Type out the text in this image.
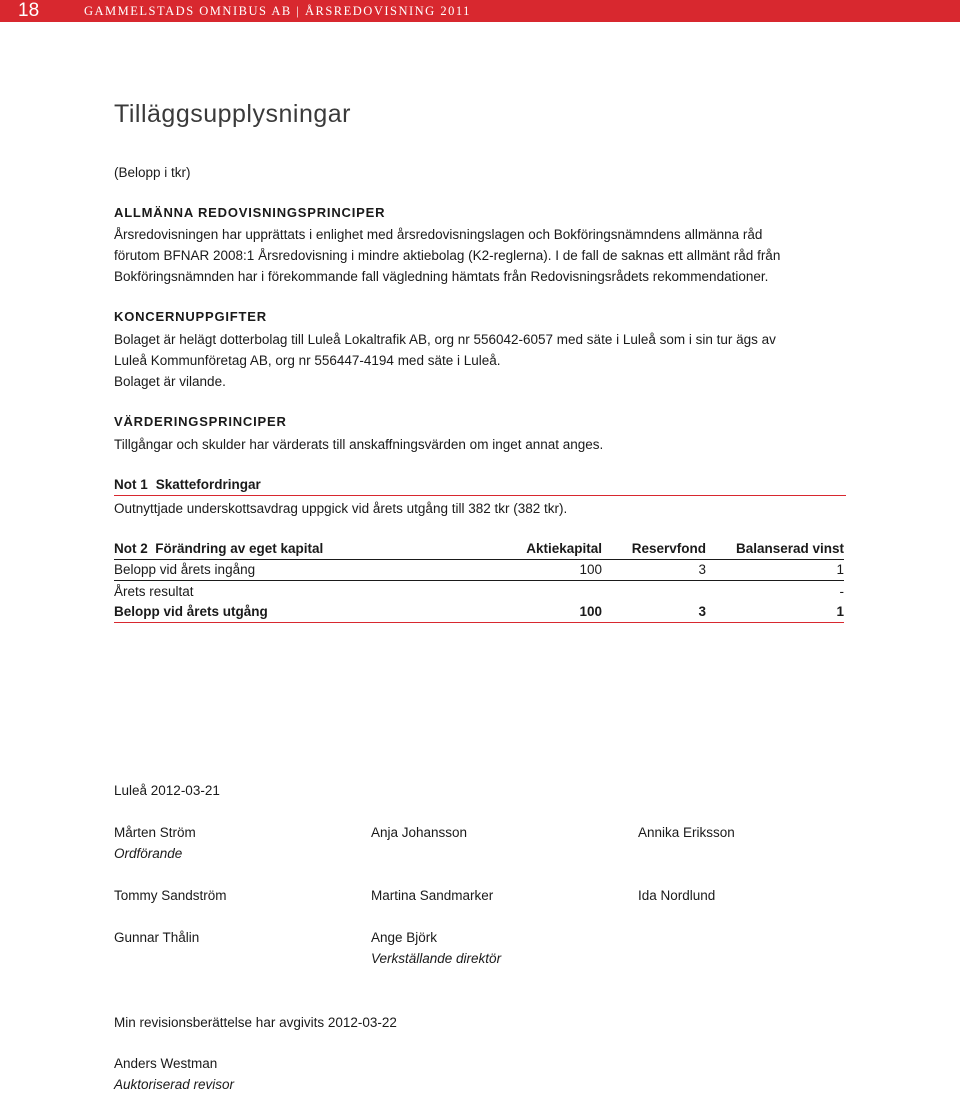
18	GAMMELSTADS OMNIBUS AB | ÅRSREDOVISNING 2011
Tilläggsupplysningar

(Belopp i tkr)

ALLMÄNNA REDOVISNINGSPRINCIPER

Årsredovisningen har upprättats i enlighet med årsredovisningslagen och Bokföringsnämndens allmänna råd

förutom BFNAR 2008:1 Årsredovisning i mindre aktiebolag (K2-reglerna). I de fall de saknas ett allmänt råd från

Bokföringsnämnden har i förekommande fall vägledning hämtats från Redovisningsrådets rekommendationer.

KONCERNUPPGIFTER

Bolaget är helägt dotterbolag till Luleå Lokaltrafik AB, org nr 556042-6057 med säte i Luleå som i sin tur ägs av

Luleå Kommunföretag AB, org nr 556447-4194 med säte i Luleå.

Bolaget är vilande.

VÄRDERINGSPRINCIPER

Tillgångar och skulder har värderats till anskaffningsvärden om inget annat anges.

Not 1 Skattefordringar

Outnyttjade underskottsavdrag uppgick vid årets utgång till 382 tkr (382 tkr).

Not 2 Förändring av eget kapital	Aktiekapital	Reservfond	Balanserad vinst
Belopp vid årets ingång	100	3	1
Årets resultat			-
Belopp vid årets utgång	100	3	1
Luleå 2012-03-21
Mårten Ström
Ordförande
Anja Johansson	Annika Eriksson
Tommy Sandström	Martina Sandmarker	Ida Nordlund
Gunnar Thålin	Ange Björk
Verkställande direktör
Min revisionsberättelse har avgivits 2012-03-22
Anders Westman
Auktoriserad revisor
